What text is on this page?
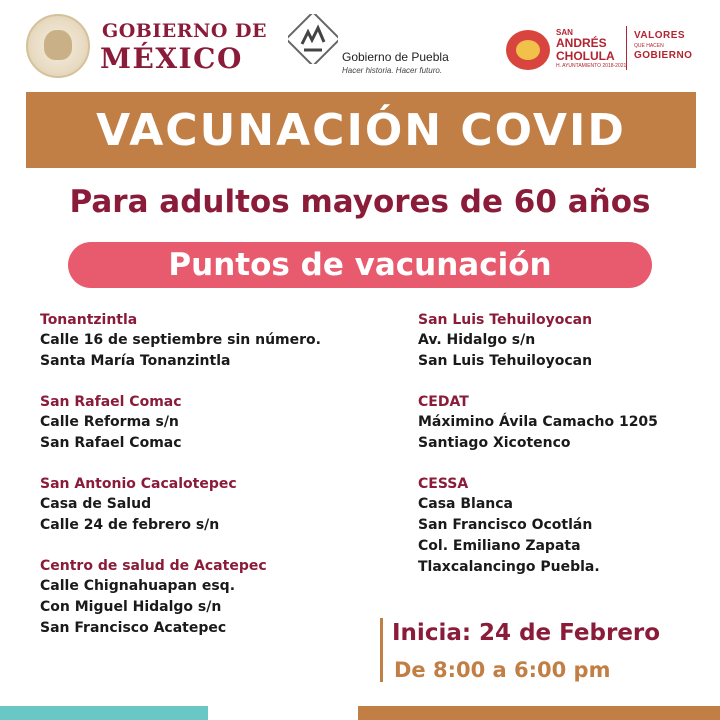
GOBIERNO DE
MÉXICO	Gobierno de Puebla
Hacer historia. Hacer futuro.
SAN
ANDRÉS
CHOLULA
H. AYUNTAMIENTO 2018-2021
VALORES
QUE HACEN
GOBIERNO
VACUNACIÓN COVID
Para adultos mayores de 60 años
Puntos de vacunación
Tonantzintla
Calle 16 de septiembre sin número.
Santa María Tonanzintla
San Rafael Comac
Calle Reforma s/n
San Rafael Comac
San Antonio Cacalotepec
Casa de Salud
Calle 24 de febrero s/n
Centro de salud de Acatepec
Calle Chignahuapan esq.
Con Miguel Hidalgo s/n
San Francisco Acatepec
San Luis Tehuiloyocan
Av. Hidalgo s/n
San Luis Tehuiloyocan
CEDAT
Máximino Ávila Camacho 1205
Santiago Xicotenco
CESSA
Casa Blanca
San Francisco Ocotlán
Col. Emiliano Zapata
Tlaxcalancingo Puebla.
Inicia: 24 de Febrero
De 8:00 a 6:00 pm
